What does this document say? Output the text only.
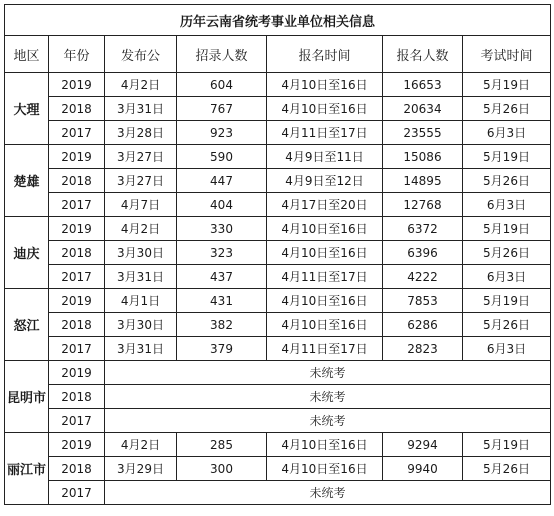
历年云南省统考事业单位相关信息						
地区	年份	发布公	招录人数	报名时间	报名人数	考试时间
大理	2019	4月2日	604	4月10日至16日	16653	5月19日
	2018	3月31日	767	4月10日至16日	20634	5月26日
	2017	3月28日	923	4月11日至17日	23555	6月3日
楚雄	2019	3月27日	590	4月9日至11日	15086	5月19日
	2018	3月27日	447	4月9日至12日	14895	5月26日
	2017	4月7日	404	4月17日至20日	12768	6月3日
迪庆	2019	4月2日	330	4月10日至16日	6372	5月19日
	2018	3月30日	323	4月10日至16日	6396	5月26日
	2017	3月31日	437	4月11日至17日	4222	6月3日
怒江	2019	4月1日	431	4月10日至16日	7853	5月19日
	2018	3月30日	382	4月10日至16日	6286	5月26日
	2017	3月31日	379	4月11日至17日	2823	6月3日
昆明市	2019	未统考				
	2018	未统考				
	2017	未统考				
丽江市	2019	4月2日	285	4月10日至16日	9294	5月19日
	2018	3月29日	300	4月10日至16日	9940	5月26日
	2017	未统考				
